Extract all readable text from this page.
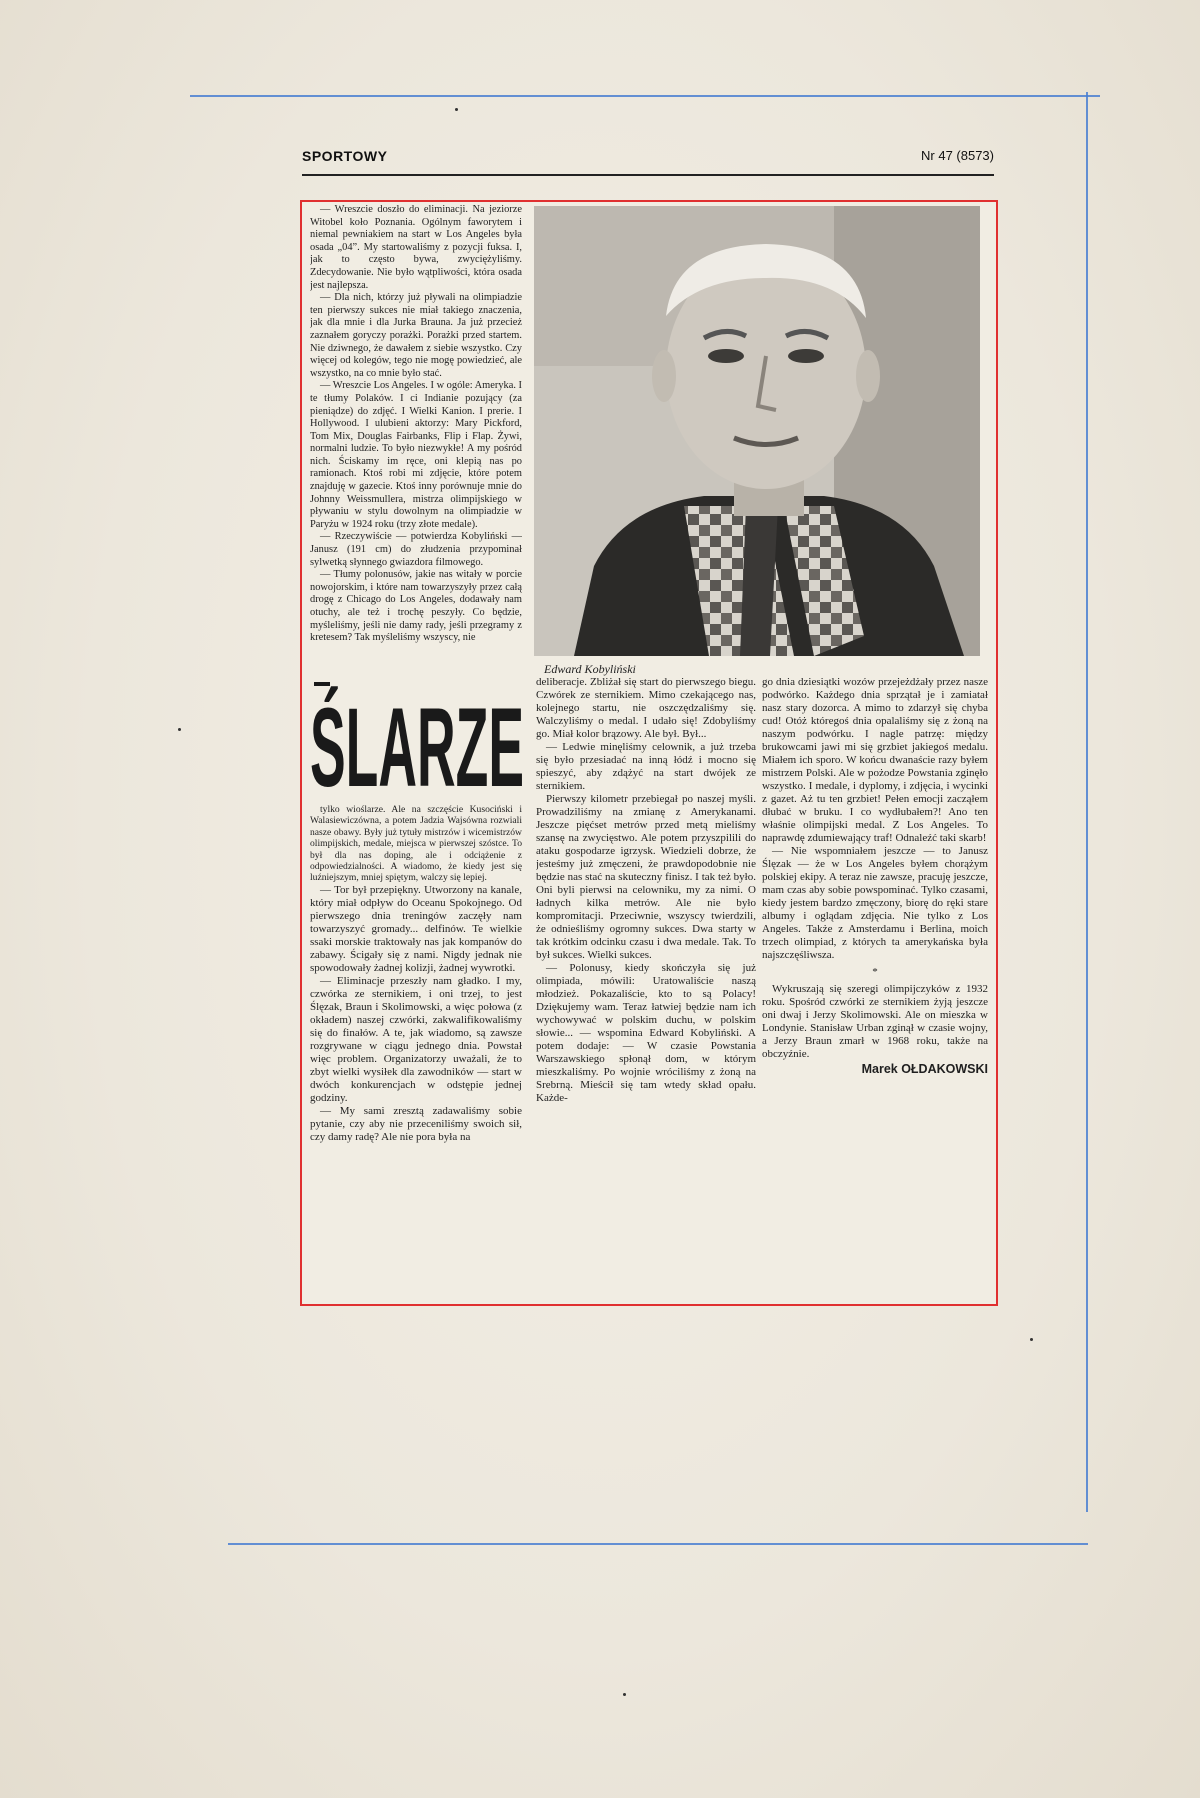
SPORTOWY	Nr 47 (8573)

— Wreszcie doszło do eliminacji. Na jeziorze Witobel koło Poznania. Ogólnym faworytem i niemal pewniakiem na start w Los Angeles była osada „04”. My startowaliśmy z pozycji fuksa. I, jak to często bywa, zwyciężyliśmy. Zdecydowanie. Nie było wątpliwości, która osada jest najlepsza.

— Dla nich, którzy już pływali na olimpiadzie ten pierwszy sukces nie miał takiego znaczenia, jak dla mnie i dla Jurka Brauna. Ja już przecież zaznałem goryczy porażki. Porażki przed startem. Nie dziwnego, że dawałem z siebie wszystko. Czy więcej od kolegów, tego nie mogę powiedzieć, ale wszystko, na co mnie było stać.

— Wreszcie Los Angeles. I w ogóle: Ameryka. I te tłumy Polaków. I ci Indianie pozujący (za pieniądze) do zdjęć. I Wielki Kanion. I prerie. I Hollywood. I ulubieni aktorzy: Mary Pickford, Tom Mix, Douglas Fairbanks, Flip i Flap. Żywi, normalni ludzie. To było niezwykłe! A my pośród nich. Ściskamy im ręce, oni klepią nas po ramionach. Ktoś robi mi zdjęcie, które potem znajduję w gazecie. Ktoś inny porównuje mnie do Johnny Weissmullera, mistrza olimpijskiego w pływaniu w stylu dowolnym na olimpiadzie w Paryżu w 1924 roku (trzy złote medale).

— Rzeczywiście — potwierdza Kobyliński — Janusz (191 cm) do złudzenia przypominał sylwetką słynnego gwiazdora filmowego.

— Tłumy polonusów, jakie nas witały w porcie nowojorskim, i które nam towarzyszyły przez całą drogę z Chicago do Los Angeles, dodawały nam otuchy, ale też i trochę peszyły. Co będzie, myśleliśmy, jeśli nie damy rady, jeśli przegramy z kretesem? Tak myśleliśmy wszyscy, nie

Edward Kobyliński
ŚLARZE

tylko wioślarze. Ale na szczęście Kusociński i Walasiewiczówna, a potem Jadzia Wajsówna rozwiali nasze obawy. Były już tytuły mistrzów i wicemistrzów olimpijskich, medale, miejsca w pierwszej szóstce. To był dla nas doping, ale i odciążenie z odpowiedzialności. A wiadomo, że kiedy jest się luźniejszym, mniej spiętym, walczy się lepiej.

— Tor był przepiękny. Utworzony na kanale, który miał odpływ do Oceanu Spokojnego. Od pierwszego dnia treningów zaczęły nam towarzyszyć gromady... delfinów. Te wielkie ssaki morskie traktowały nas jak kompanów do zabawy. Ścigały się z nami. Nigdy jednak nie spowodowały żadnej kolizji, żadnej wywrotki.

— Eliminacje przeszły nam gładko. I my, czwórka ze sternikiem, i oni trzej, to jest Ślęzak, Braun i Skolimowski, a więc połowa (z okładem) naszej czwórki, zakwalifikowaliśmy się do finałów. A te, jak wiadomo, są zawsze rozgrywane w ciągu jednego dnia. Powstał więc problem. Organizatorzy uważali, że to zbyt wielki wysiłek dla zawodników — start w dwóch konkurencjach w odstępie jednej godziny.

— My sami zresztą zadawaliśmy sobie pytanie, czy aby nie przeceniliśmy swoich sił, czy damy radę? Ale nie pora była na

deliberacje. Zbliżał się start do pierwszego biegu. Czwórek ze sternikiem. Mimo czekającego nas, kolejnego startu, nie oszczędzaliśmy się. Walczyliśmy o medal. I udało się! Zdobyliśmy go. Miał kolor brązowy. Ale był. Był...

— Ledwie minęliśmy celownik, a już trzeba się było przesiadać na inną łódź i mocno się spieszyć, aby zdążyć na start dwójek ze sternikiem.

Pierwszy kilometr przebiegał po naszej myśli. Prowadziliśmy na zmianę z Amerykanami. Jeszcze pięćset metrów przed metą mieliśmy szansę na zwycięstwo. Ale potem przyszpilili do ataku gospodarze igrzysk. Wiedzieli dobrze, że jesteśmy już zmęczeni, że prawdopodobnie nie będzie nas stać na skuteczny finisz. I tak też było. Oni byli pierwsi na celowniku, my za nimi. O ładnych kilka metrów. Ale nie było kompromitacji. Przeciwnie, wszyscy twierdzili, że odnieśliśmy ogromny sukces. Dwa starty w tak krótkim odcinku czasu i dwa medale. Tak. To był sukces. Wielki sukces.

— Polonusy, kiedy skończyła się już olimpiada, mówili: Uratowaliście naszą młodzież. Pokazaliście, kto to są Polacy! Dziękujemy wam. Teraz łatwiej będzie nam ich wychowywać w polskim duchu, w polskim słowie... — wspomina Edward Kobyliński. A potem dodaje: — W czasie Powstania Warszawskiego spłonął dom, w którym mieszkaliśmy. Po wojnie wróciliśmy z żoną na Srebrną. Mieścił się tam wtedy skład opału. Każde-

go dnia dziesiątki wozów przejeżdżały przez nasze podwórko. Każdego dnia sprzątał je i zamiatał nasz stary dozorca. A mimo to zdarzył się chyba cud! Otóż któregoś dnia opalaliśmy się z żoną na naszym podwórku. I nagle patrzę: między brukowcami jawi mi się grzbiet jakiegoś medalu. Miałem ich sporo. W końcu dwanaście razy byłem mistrzem Polski. Ale w pożodze Powstania zginęło wszystko. I medale, i dyplomy, i zdjęcia, i wycinki z gazet. Aż tu ten grzbiet! Pełen emocji zacząłem dłubać w bruku. I co wydłubałem?! Ano ten właśnie olimpijski medal. Z Los Angeles. To naprawdę zdumiewający traf! Odnaleźć taki skarb!

— Nie wspomniałem jeszcze — to Janusz Ślęzak — że w Los Angeles byłem chorążym polskiej ekipy. A teraz nie zawsze, pracuję jeszcze, mam czas aby sobie powspominać. Tylko czasami, kiedy jestem bardzo zmęczony, biorę do ręki stare albumy i oglądam zdjęcia. Nie tylko z Los Angeles. Także z Amsterdamu i Berlina, moich trzech olimpiad, z których ta amerykańska była najszczęśliwsza.

*

Wykruszają się szeregi olimpijczyków z 1932 roku. Spośród czwórki ze sternikiem żyją jeszcze oni dwaj i Jerzy Skolimowski. Ale on mieszka w Londynie. Stanisław Urban zginął w czasie wojny, a Jerzy Braun zmarł w 1968 roku, także na obczyźnie.

Marek OŁDAKOWSKI
